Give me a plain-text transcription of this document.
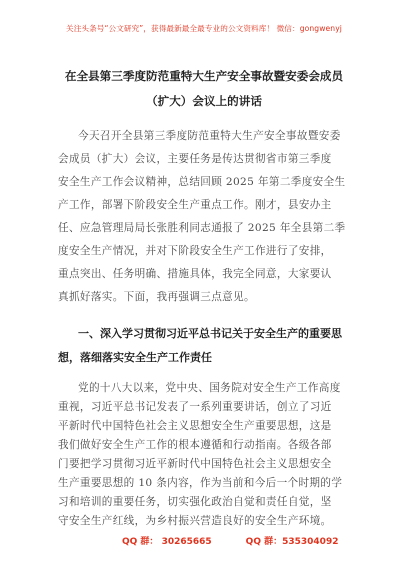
关注头条号“公文研究”，获得最新最全最专业的公文资料库！ 微信：gongwenyj
在全县第三季度防范重特大生产安全事故暨安委会成员
（扩大）会议上的讲话
今天召开全县第三季度防范重特大生产安全事故暨安委
会成员（扩大）会议，主要任务是传达贯彻省市第三季度
安全生产工作会议精神，总结回顾 2025 年第二季度安全生
产工作，部署下阶段安全生产重点工作。刚才，县安办主
任、应急管理局局长张胜利同志通报了 2025 年全县第二季
度安全生产情况，并对下阶段安全生产工作进行了安排，
重点突出、任务明确、措施具体，我完全同意，大家要认
真抓好落实。下面，我再强调三点意见。
一、深入学习贯彻习近平总书记关于安全生产的重要思
想，落细落实安全生产工作责任
党的十八大以来，党中央、国务院对安全生产工作高度
重视，习近平总书记发表了一系列重要讲话，创立了习近
平新时代中国特色社会主义思想安全生产重要思想，这是
我们做好安全生产工作的根本遵循和行动指南。各级各部
门要把学习贯彻习近平新时代中国特色社会主义思想安全
生产重要思想的 10 条内容，作为当前和今后一个时期的学
习和培训的重要任务，切实强化政治自觉和责任自觉，坚
QQ 群： 30265665	QQ 群：535304092
守安全生产红线，为乡村振兴营造良好的安全生产环境。
